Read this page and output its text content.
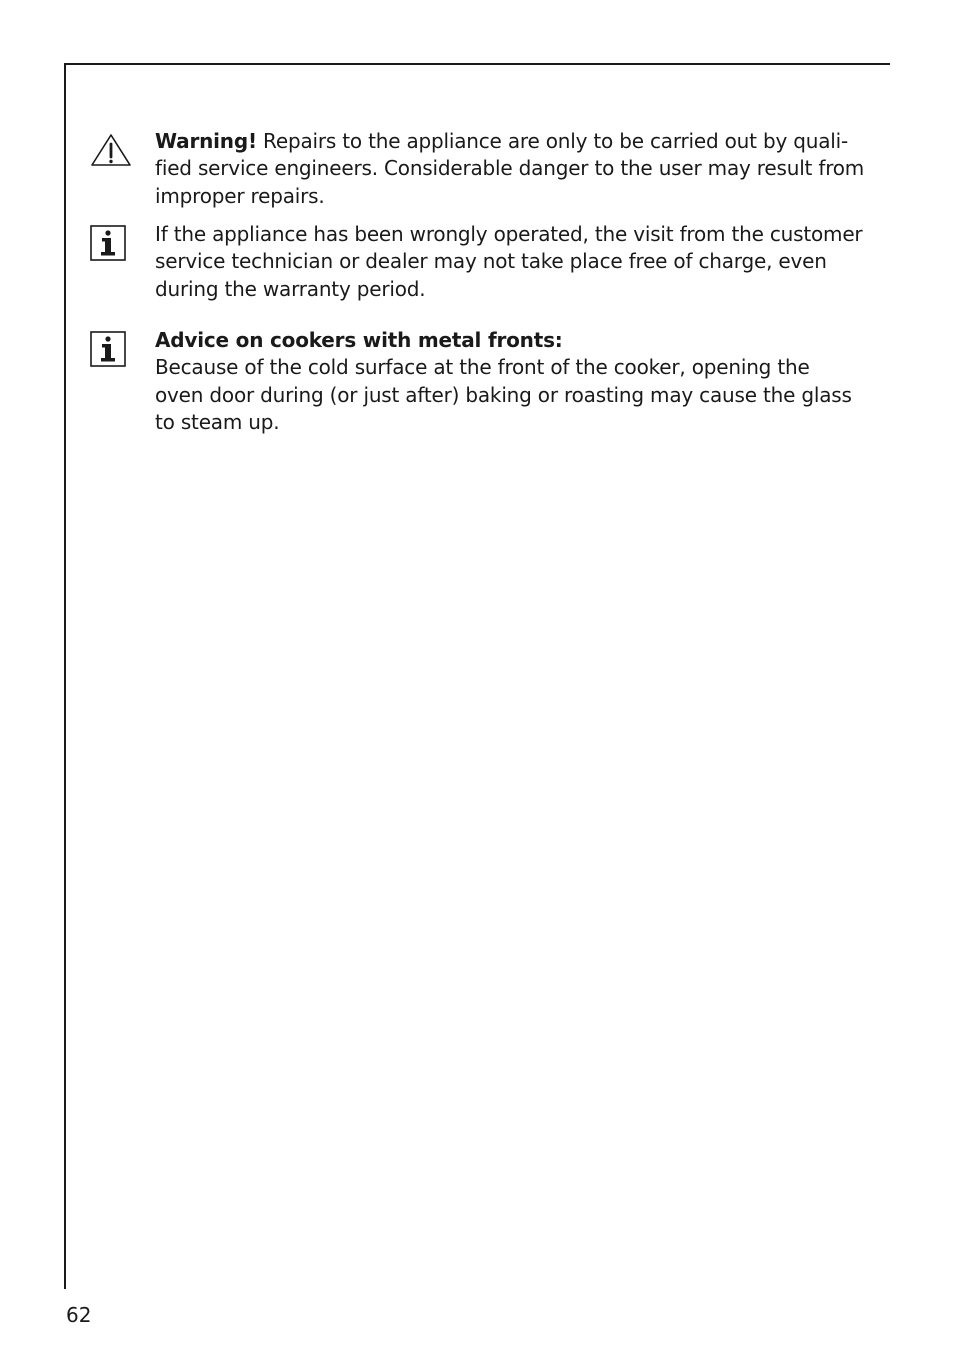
Warning! Repairs to the appliance are only to be carried out by quali-
fied service engineers. Considerable danger to the user may result from
improper repairs.
If the appliance has been wrongly operated, the visit from the customer
service technician or dealer may not take place free of charge, even
during the warranty period.
Advice on cookers with metal fronts:
Because of the cold surface at the front of the cooker, opening the
oven door during (or just after) baking or roasting may cause the glass
to steam up.
62
